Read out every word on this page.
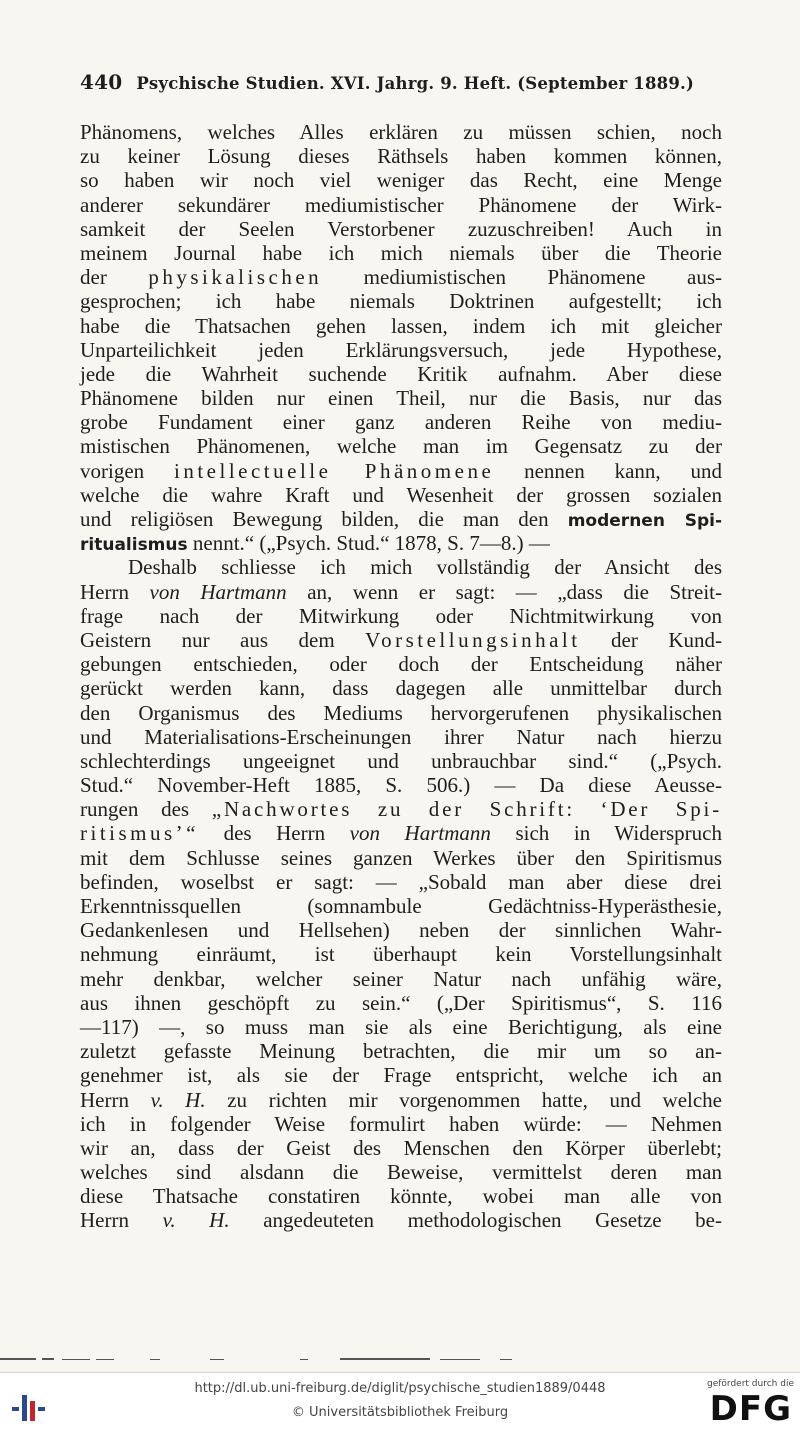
440 Psychische Studien. XVI. Jahrg. 9. Heft. (September 1889.)
Phänomens, welches Alles erklären zu müssen schien, noch
zu keiner Lösung dieses Räthsels haben kommen können,
so haben wir noch viel weniger das Recht, eine Menge
anderer sekundärer mediumistischer Phänomene der Wirk-
samkeit der Seelen Verstorbener zuzuschreiben! Auch in
meinem Journal habe ich mich niemals über die Theorie
der physikalischen mediumistischen Phänomene aus-
gesprochen; ich habe niemals Doktrinen aufgestellt; ich
habe die Thatsachen gehen lassen, indem ich mit gleicher
Unparteilichkeit jeden Erklärungsversuch, jede Hypothese,
jede die Wahrheit suchende Kritik aufnahm. Aber diese
Phänomene bilden nur einen Theil, nur die Basis, nur das
grobe Fundament einer ganz anderen Reihe von mediu-
mistischen Phänomenen, welche man im Gegensatz zu der
vorigen intellectuelle Phänomene nennen kann, und
welche die wahre Kraft und Wesenheit der grossen sozialen
und religiösen Bewegung bilden, die man den modernen Spi-
ritualismus nennt.“ („Psych. Stud.“ 1878, S. 7—8.) —
Deshalb schliesse ich mich vollständig der Ansicht des
Herrn von Hartmann an, wenn er sagt: — „dass die Streit-
frage nach der Mitwirkung oder Nichtmitwirkung von
Geistern nur aus dem Vorstellungsinhalt der Kund-
gebungen entschieden, oder doch der Entscheidung näher
gerückt werden kann, dass dagegen alle unmittelbar durch
den Organismus des Mediums hervorgerufenen physikalischen
und Materialisations-Erscheinungen ihrer Natur nach hierzu
schlechterdings ungeeignet und unbrauchbar sind.“ („Psych.
Stud.“ November-Heft 1885, S. 506.) — Da diese Aeusse-
rungen des „Nachwortes zu der Schrift: ‘Der Spi-
ritismus’“ des Herrn von Hartmann sich in Widerspruch
mit dem Schlusse seines ganzen Werkes über den Spiritismus
befinden, woselbst er sagt: — „Sobald man aber diese drei
Erkenntnissquellen (somnambule Gedächtniss-Hyperästhesie,
Gedankenlesen und Hellsehen) neben der sinnlichen Wahr-
nehmung einräumt, ist überhaupt kein Vorstellungsinhalt
mehr denkbar, welcher seiner Natur nach unfähig wäre,
aus ihnen geschöpft zu sein.“ („Der Spiritismus“, S. 116
—117) —, so muss man sie als eine Berichtigung, als eine
zuletzt gefasste Meinung betrachten, die mir um so an-
genehmer ist, als sie der Frage entspricht, welche ich an
Herrn v. H. zu richten mir vorgenommen hatte, und welche
ich in folgender Weise formulirt haben würde: — Nehmen
wir an, dass der Geist des Menschen den Körper überlebt;
welches sind alsdann die Beweise, vermittelst deren man
diese Thatsache constatiren könnte, wobei man alle von
Herrn v. H. angedeuteten methodologischen Gesetze be-
http://dl.ub.uni-freiburg.de/diglit/psychische_studien1889/0448
© Universitätsbibliothek Freiburg
gefördert durch die
DFG
